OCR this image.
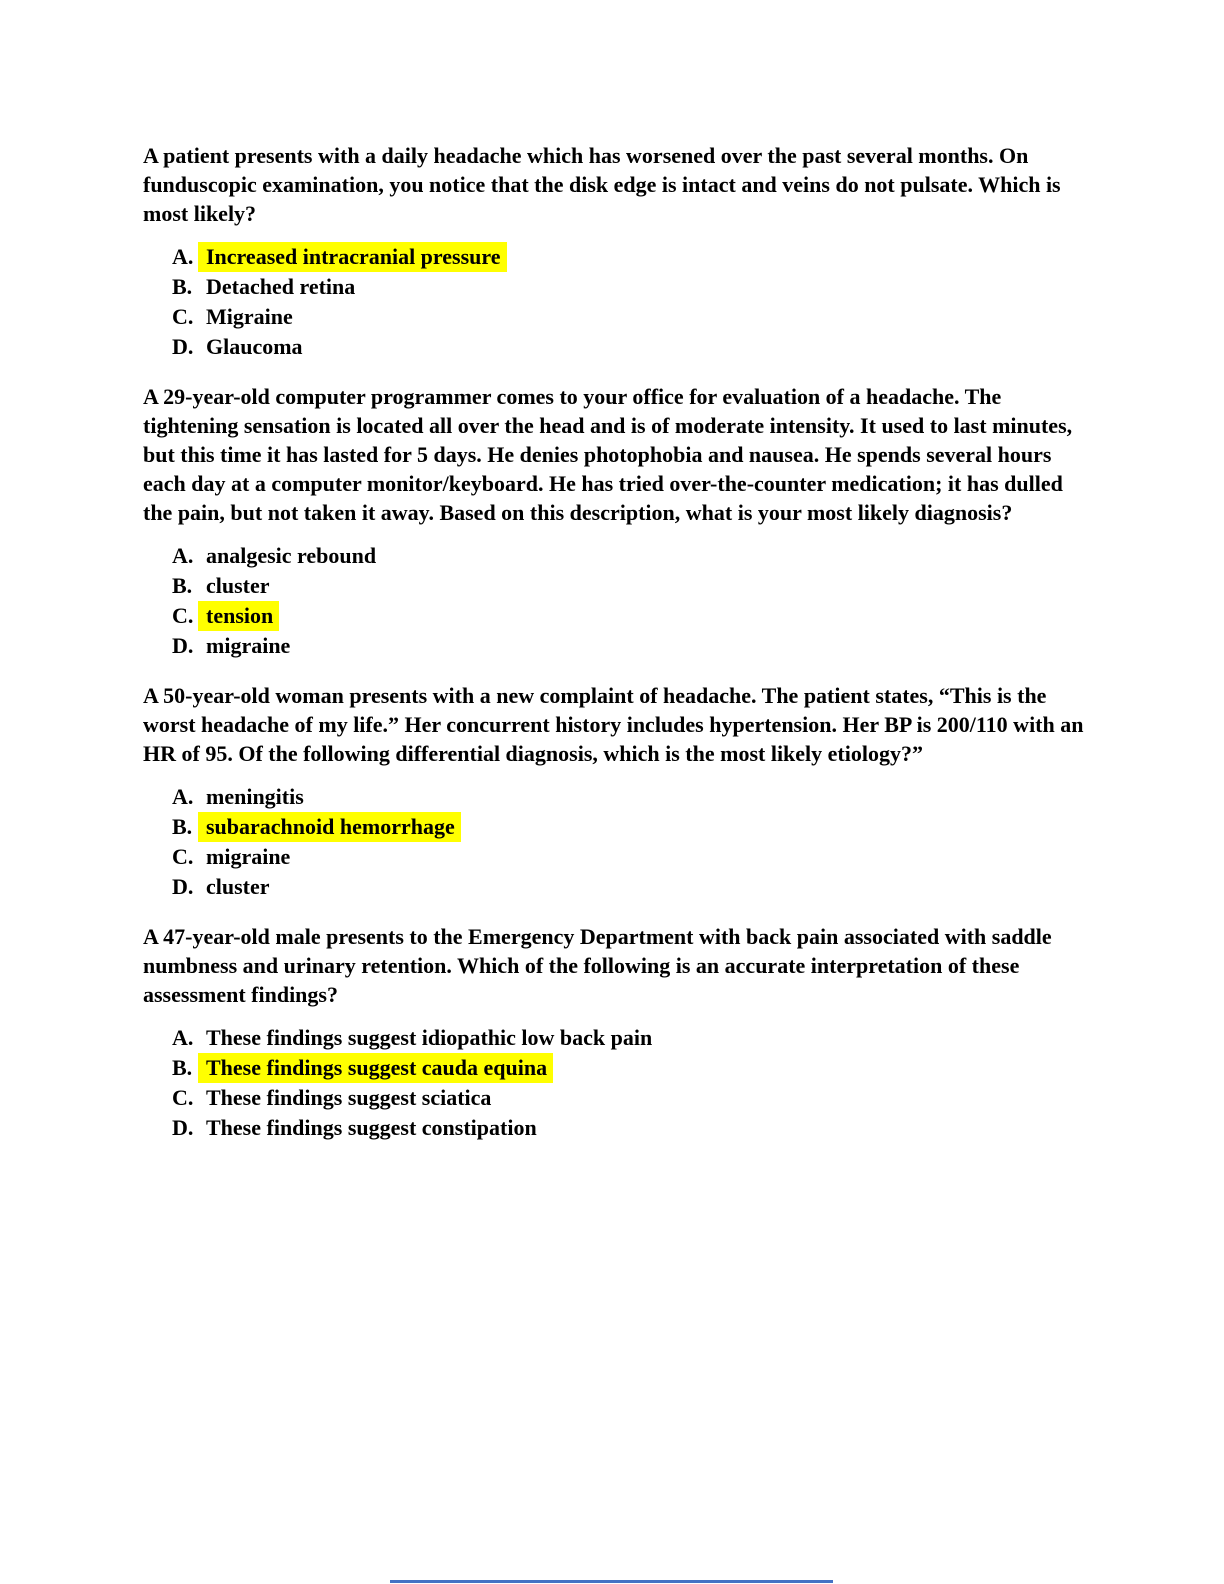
A patient presents with a daily headache which has worsened over the past several months. On funduscopic examination, you notice that the disk edge is intact and veins do not pulsate. Which is most likely?

A. Increased intracranial pressure
B. Detached retina
C. Migraine
D. Glaucoma

A 29-year-old computer programmer comes to your office for evaluation of a headache. The tightening sensation is located all over the head and is of moderate intensity. It used to last minutes, but this time it has lasted for 5 days. He denies photophobia and nausea. He spends several hours each day at a computer monitor/keyboard. He has tried over-the-counter medication; it has dulled the pain, but not taken it away. Based on this description, what is your most likely diagnosis?

A. analgesic rebound
B. cluster
C. tension
D. migraine

A 50-year-old woman presents with a new complaint of headache. The patient states, “This is the worst headache of my life.” Her concurrent history includes hypertension. Her BP is 200/110 with an HR of 95. Of the following differential diagnosis, which is the most likely etiology?”

A. meningitis
B. subarachnoid hemorrhage
C. migraine
D. cluster

A 47-year-old male presents to the Emergency Department with back pain associated with saddle numbness and urinary retention. Which of the following is an accurate interpretation of these assessment findings?

A. These findings suggest idiopathic low back pain
B. These findings suggest cauda equina
C. These findings suggest sciatica
D. These findings suggest constipation
